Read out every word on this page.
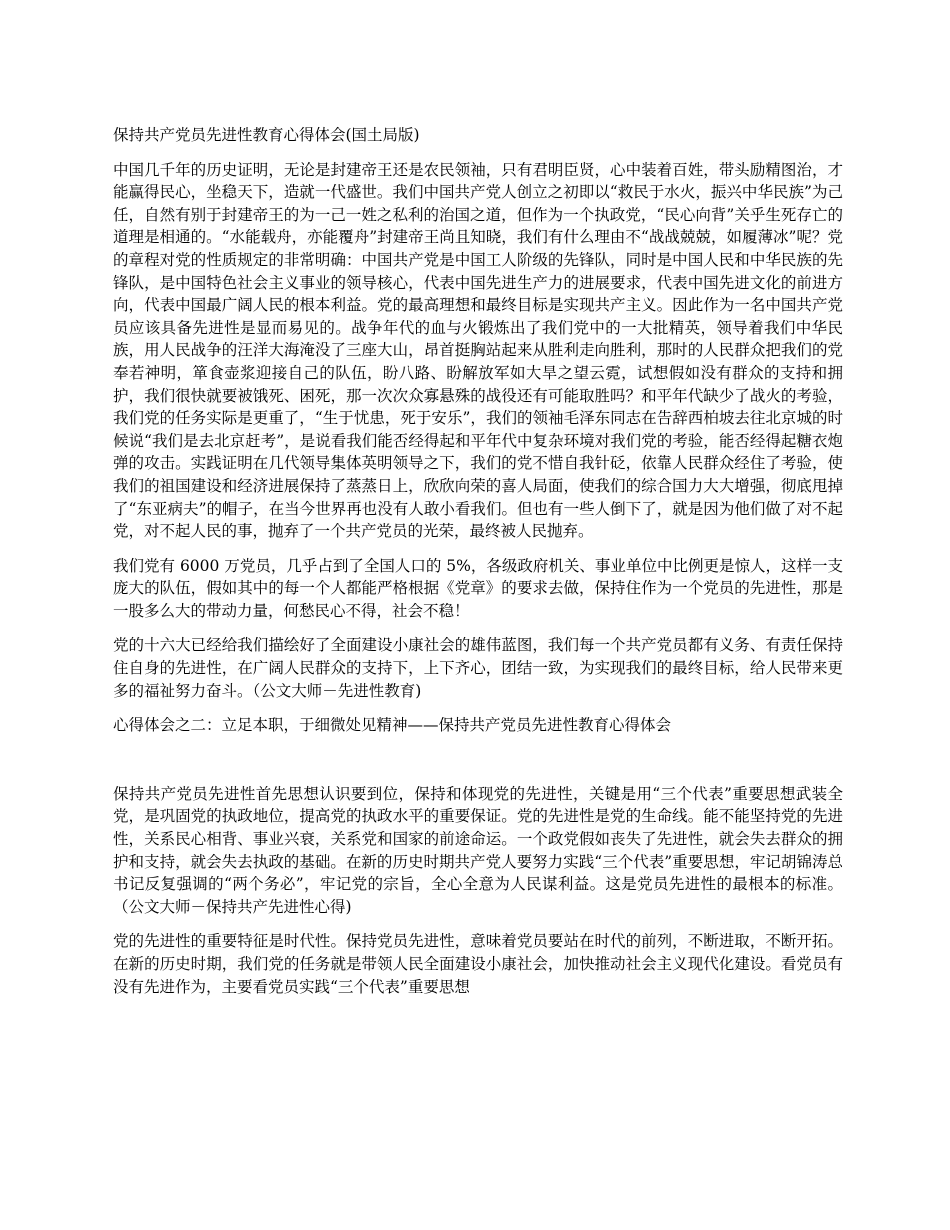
保持共产党员先进性教育心得体会(国土局版)

中国几千年的历史证明，无论是封建帝王还是农民领袖，只有君明臣贤，心中装着百姓，带头励精图治，才能赢得民心，坐稳天下，造就一代盛世。我们中国共产党人创立之初即以“救民于水火，振兴中华民族”为己任，自然有别于封建帝王的为一己一姓之私利的治国之道，但作为一个执政党，“民心向背”关乎生死存亡的道理是相通的。“水能载舟，亦能覆舟”封建帝王尚且知晓，我们有什么理由不“战战兢兢，如履薄冰”呢？党的章程对党的性质规定的非常明确：中国共产党是中国工人阶级的先锋队，同时是中国人民和中华民族的先锋队，是中国特色社会主义事业的领导核心，代表中国先进生产力的进展要求，代表中国先进文化的前进方向，代表中国最广阔人民的根本利益。党的最高理想和最终目标是实现共产主义。因此作为一名中国共产党员应该具备先进性是显而易见的。战争年代的血与火锻炼出了我们党中的一大批精英，领导着我们中华民族，用人民战争的汪洋大海淹没了三座大山，昂首挺胸站起来从胜利走向胜利，那时的人民群众把我们的党奉若神明，箪食壶浆迎接自己的队伍，盼八路、盼解放军如大旱之望云霓，试想假如没有群众的支持和拥护，我们很快就要被饿死、困死，那一次次众寡悬殊的战役还有可能取胜吗？和平年代缺少了战火的考验，我们党的任务实际是更重了，“生于忧患，死于安乐”，我们的领袖毛泽东同志在告辞西柏坡去往北京城的时候说“我们是去北京赶考”，是说看我们能否经得起和平年代中复杂环境对我们党的考验，能否经得起糖衣炮弹的攻击。实践证明在几代领导集体英明领导之下，我们的党不惜自我针砭，依靠人民群众经住了考验，使我们的祖国建设和经济进展保持了蒸蒸日上，欣欣向荣的喜人局面，使我们的综合国力大大增强，彻底甩掉了“东亚病夫”的帽子，在当今世界再也没有人敢小看我们。但也有一些人倒下了，就是因为他们做了对不起党，对不起人民的事，抛弃了一个共产党员的光荣，最终被人民抛弃。

我们党有 6000 万党员，几乎占到了全国人口的 5%，各级政府机关、事业单位中比例更是惊人，这样一支庞大的队伍，假如其中的每一个人都能严格根据《党章》的要求去做，保持住作为一个党员的先进性，那是一股多么大的带动力量，何愁民心不得，社会不稳！

党的十六大已经给我们描绘好了全面建设小康社会的雄伟蓝图，我们每一个共产党员都有义务、有责任保持住自身的先进性，在广阔人民群众的支持下，上下齐心，团结一致，为实现我们的最终目标，给人民带来更多的福祉努力奋斗。（公文大师－先进性教育)

心得体会之二：立足本职，于细微处见精神——保持共产党员先进性教育心得体会

保持共产党员先进性首先思想认识要到位，保持和体现党的先进性，关键是用“三个代表”重要思想武装全党，是巩固党的执政地位，提高党的执政水平的重要保证。党的先进性是党的生命线。能不能坚持党的先进性，关系民心相背、事业兴衰，关系党和国家的前途命运。一个政党假如丧失了先进性，就会失去群众的拥护和支持，就会失去执政的基础。在新的历史时期共产党人要努力实践“三个代表”重要思想，牢记胡锦涛总书记反复强调的“两个务必”，牢记党的宗旨，全心全意为人民谋利益。这是党员先进性的最根本的标准。（公文大师－保持共产先进性心得)

党的先进性的重要特征是时代性。保持党员先进性，意味着党员要站在时代的前列，不断进取，不断开拓。在新的历史时期，我们党的任务就是带领人民全面建设小康社会，加快推动社会主义现代化建设。看党员有没有先进作为，主要看党员实践“三个代表”重要思想
